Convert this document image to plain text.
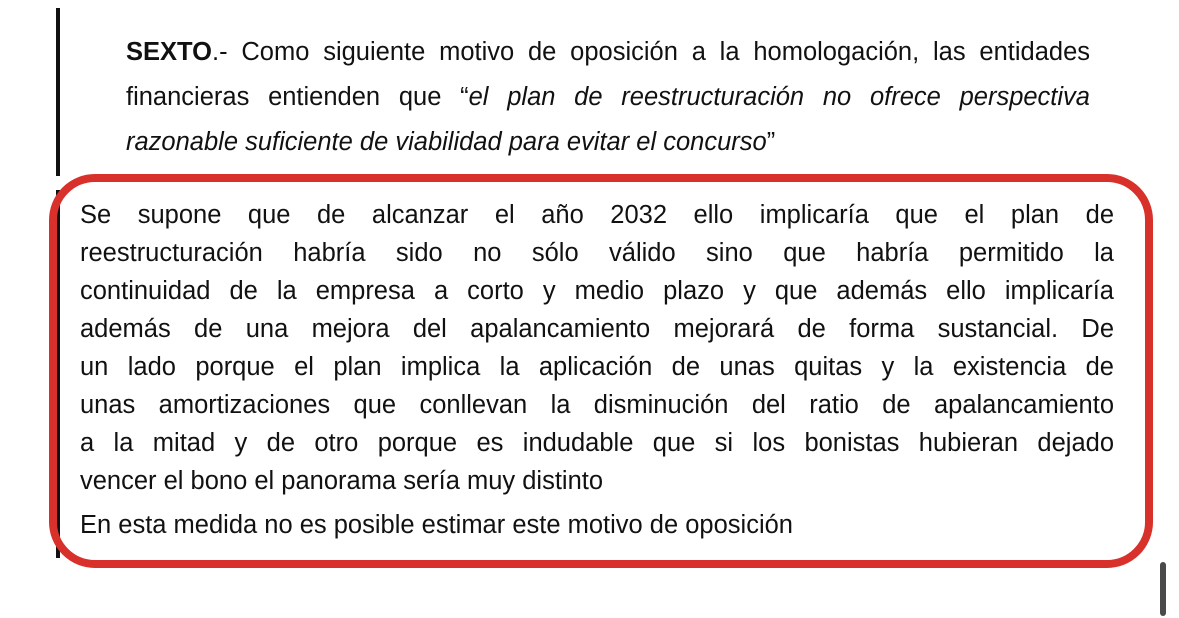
SEXTO.- Como siguiente motivo de oposición a la homologación, las entidades financieras entienden que “el plan de reestructuración no ofrece perspectiva razonable suficiente de viabilidad para evitar el concurso”

Se supone que de alcanzar el año 2032 ello implicaría que el plan de
reestructuración habría sido no sólo válido sino que habría permitido la
continuidad de la empresa a corto y medio plazo y que además ello implicaría
además de una mejora del apalancamiento mejorará de forma sustancial. De
un lado porque el plan implica la aplicación de unas quitas y la existencia de
unas amortizaciones que conllevan la disminución del ratio de apalancamiento
a la mitad y de otro porque es indudable que si los bonistas hubieran dejado
vencer el bono el panorama sería muy distinto
En esta medida no es posible estimar este motivo de oposición
